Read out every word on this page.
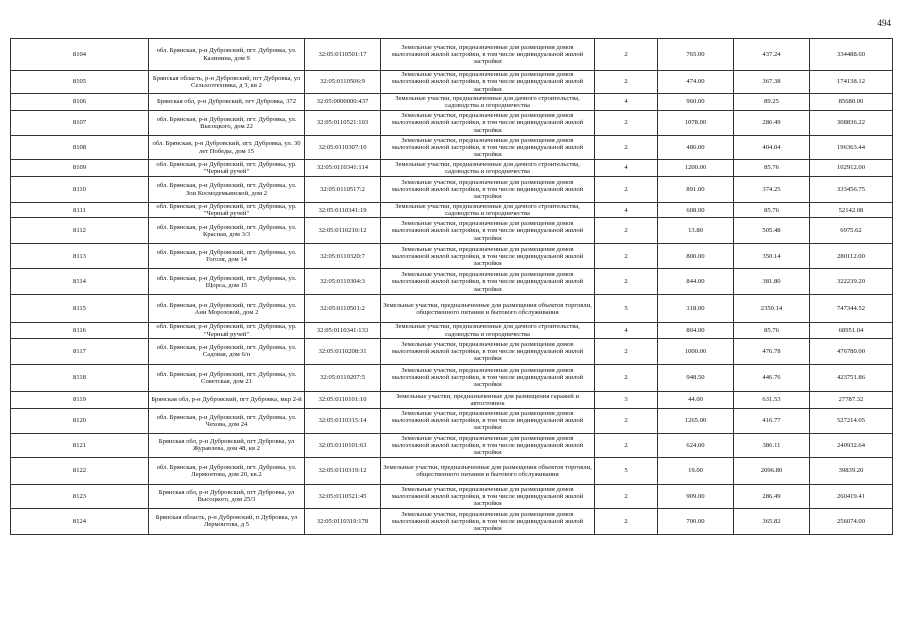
494
8104	обл. Брянская, р-н Дубровский, пгт. Дубровка, ул. Калинина, дом 9	32:05:0110501:17	Земельные участки, предназначенные для размещения домов малоэтажной жилой застройки, в том числе индивидуальной жилой застройки	2	765.00	437.24	334488.60
8105	Брянская область, р-н Дубровский, пгт Дубровка, ул Сельхозтехника, д 3, кв 2	32:05:0110506:9	Земельные участки, предназначенные для размещения домов малоэтажной жилой застройки, в том числе индивидуальной жилой застройки	2	474.00	367.38	174138.12
8106	Брянская обл, р-н Дубровский, пгт Дубровка, 372	32:05:0000000:437	Земельные участки, предназначенные для дачного строительства, садоводства и огородничества	4	960.00	89.25	85680.00
8107	обл. Брянская, р-н Дубровский, пгт. Дубровка, ул. Высоцкого, дом 22	32:05:0110521:103	Земельные участки, предназначенные для размещения домов малоэтажной жилой застройки, в том числе индивидуальной жилой застройки	2	1078.00	286.49	308836.22
8108	обл. Брянская, р-н Дубровский, пгт. Дубровка, ул. 30 лет Победы, дом 15	32:05:0110307:10	Земельные участки, предназначенные для размещения домов малоэтажной жилой застройки, в том числе индивидуальной жилой застройки	2	486.00	404.04	196363.44
8109	обл. Брянская, р-н Дубровский, пгт. Дубровка, ур. "Черный ручей"	32:05:0110341:114	Земельные участки, предназначенные для дачного строительства, садоводства и огородничества	4	1200.00	85.76	102912.00
8110	обл. Брянская, р-н Дубровский, пгт. Дубровка, ул. Зои Космодемьянской, дом 2	32:05:0110517:2	Земельные участки, предназначенные для размещения домов малоэтажной жилой застройки, в том числе индивидуальной жилой застройки	2	891.00	374.25	333456.75
8111	обл. Брянская, р-н Дубровский, пгт. Дубровка, ур. "Черный ручей"	32:05:0110341:19	Земельные участки, предназначенные для дачного строительства, садоводства и огородничества	4	608.00	85.76	52142.08
8112	обл. Брянская, р-н Дубровский, пгт. Дубровка, ул. Красная, дом 3/3	32:05:0110210:12	Земельные участки, предназначенные для размещения домов малоэтажной жилой застройки, в том числе индивидуальной жилой застройки	2	13.80	505.48	6975.62
8113	обл. Брянская, р-н Дубровский, пгт. Дубровка, ул. Гоголя, дом 14	32:05:0110320:7	Земельные участки, предназначенные для размещения домов малоэтажной жилой застройки, в том числе индивидуальной жилой застройки	2	800.00	350.14	280112.00
8114	обл. Брянская, р-н Дубровский, пгт. Дубровка, ул. Щорса, дом 15	32:05:0110304:3	Земельные участки, предназначенные для размещения домов малоэтажной жилой застройки, в том числе индивидуальной жилой застройки	2	844.00	381.80	322239.20
8115	обл. Брянская, р-н Дубровский, пгт. Дубровка, ул. Ани Морозовой, дом 2	32:05:0110501:2	Земельные участки, предназначенные для размещения объектов торговли, общественного питания и бытового обслуживания	5	318.00	2350.14	747344.52
8116	обл. Брянская, р-н Дубровский, пгт. Дубровка, ур. "Черный ручей"	32:05:0110341:133	Земельные участки, предназначенные для дачного строительства, садоводства и огородничества	4	804.00	85.76	68951.04
8117	обл. Брянская, р-н Дубровский, пгт. Дубровка, ул. Садовая, дом 6/п	32:05:0110208:31	Земельные участки, предназначенные для размещения домов малоэтажной жилой застройки, в том числе индивидуальной жилой застройки	2	1000.00	476.78	476780.00
8118	обл. Брянская, р-н Дубровский, пгт. Дубровка, ул. Советская, дом 21	32:05:0110207:5	Земельные участки, предназначенные для размещения домов малоэтажной жилой застройки, в том числе индивидуальной жилой застройки	2	948.50	446.76	423751.86
8119	Брянская обл, р-н Дубровский, пгт Дубровка, мкр 2-й	32:05:0110101:10	Земельные участки, предназначенные для размещения гаражей и автостоянок	3	44.00	631.53	27787.32
8120	обл. Брянская, р-н Дубровский, пгт. Дубровка, ул. Чехова, дом 24	32:05:0110315:14	Земельные участки, предназначенные для размещения домов малоэтажной жилой застройки, в том числе индивидуальной жилой застройки	2	1265.00	416.77	527214.05
8121	Брянская обл, р-н Дубровский, пгт Дубровка, ул Журавлева, дом 48, кв 2	32:05:0110101:63	Земельные участки, предназначенные для размещения домов малоэтажной жилой застройки, в том числе индивидуальной жилой застройки	2	624.00	386.11	240932.64
8122	обл. Брянская, р-н Дубровский, пгт. Дубровка, ул. Лермонтова, дом 20, кв.2	32:05:0110319:12	Земельные участки, предназначенные для размещения объектов торговли, общественного питания и бытового обслуживания	5	19.00	2096.80	39839.20
8123	Брянская обл, р-н Дубровский, пгт Дубровка, ул Высоцкого, дом 25/3	32:05:0110521:45	Земельные участки, предназначенные для размещения домов малоэтажной жилой застройки, в том числе индивидуальной жилой застройки	2	909.00	286.49	260419.41
8124	Брянская область, р-н Дубровский, п Дубровка, ул Лермонтова, д 5	32:05:0110319:178	Земельные участки, предназначенные для размещения домов малоэтажной жилой застройки, в том числе индивидуальной жилой застройки	2	700.00	365.82	256074.00
